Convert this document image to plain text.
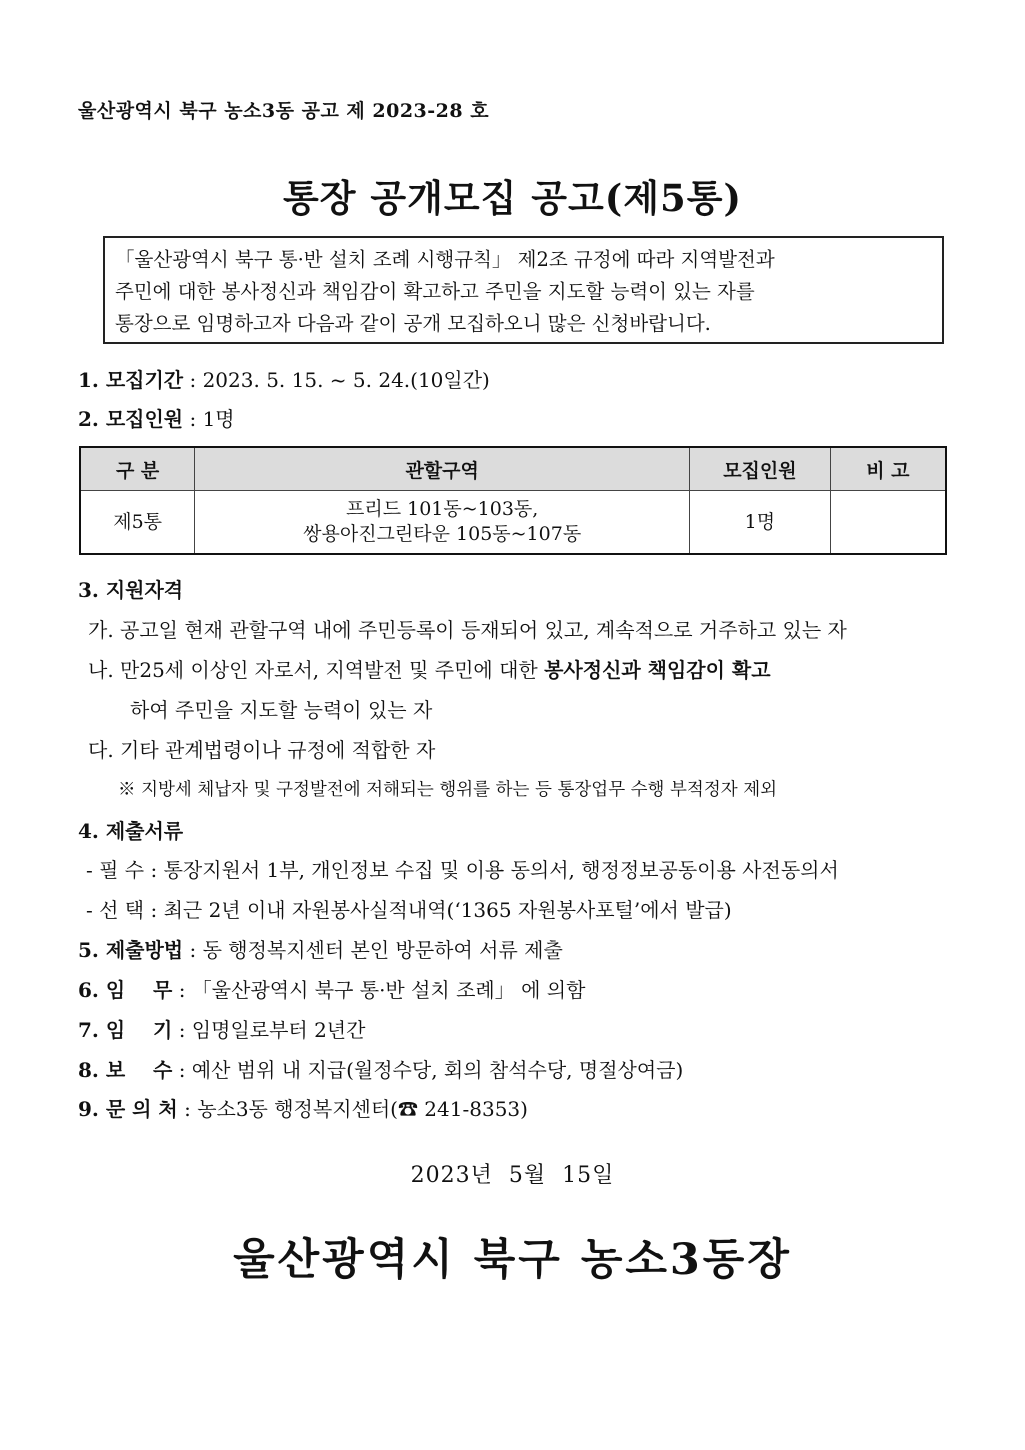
울산광역시 북구 농소3동 공고 제 2023-28 호
통장 공개모집 공고(제5통)
「울산광역시 북구 통·반 설치 조례 시행규칙」 제2조 규정에 따라 지역발전과
주민에 대한 봉사정신과 책임감이 확고하고 주민을 지도할 능력이 있는 자를
통장으로 임명하고자 다음과 같이 공개 모집하오니 많은 신청바랍니다.
1. 모집기간 : 2023. 5. 15. ~ 5. 24.(10일간)
2. 모집인원 : 1명
구 분	관할구역	모집인원	비 고
제5통	프리드 101동~103동,
쌍용아진그린타운 105동~107동	1명	
3. 지원자격
가. 공고일 현재 관할구역 내에 주민등록이 등재되어 있고, 계속적으로 거주하고 있는 자
나. 만25세 이상인 자로서, 지역발전 및 주민에 대한 봉사정신과 책임감이 확고
하여 주민을 지도할 능력이 있는 자
다. 기타 관계법령이나 규정에 적합한 자
※ 지방세 체납자 및 구정발전에 저해되는 행위를 하는 등 통장업무 수행 부적정자 제외
4. 제출서류
- 필 수 : 통장지원서 1부, 개인정보 수집 및 이용 동의서, 행정정보공동이용 사전동의서
- 선 택 : 최근 2년 이내 자원봉사실적내역(‘1365 자원봉사포털’에서 발급)
5. 제출방법 : 동 행정복지센터 본인 방문하여 서류 제출
6. 임    무 : 「울산광역시 북구 통·반 설치 조례」 에 의함
7. 임    기 : 임명일로부터 2년간
8. 보    수 : 예산 범위 내 지급(월정수당, 회의 참석수당, 명절상여금)
9. 문 의 처 : 농소3동 행정복지센터(☎ 241-8353)
2023년  5월  15일
울산광역시 북구 농소3동장
